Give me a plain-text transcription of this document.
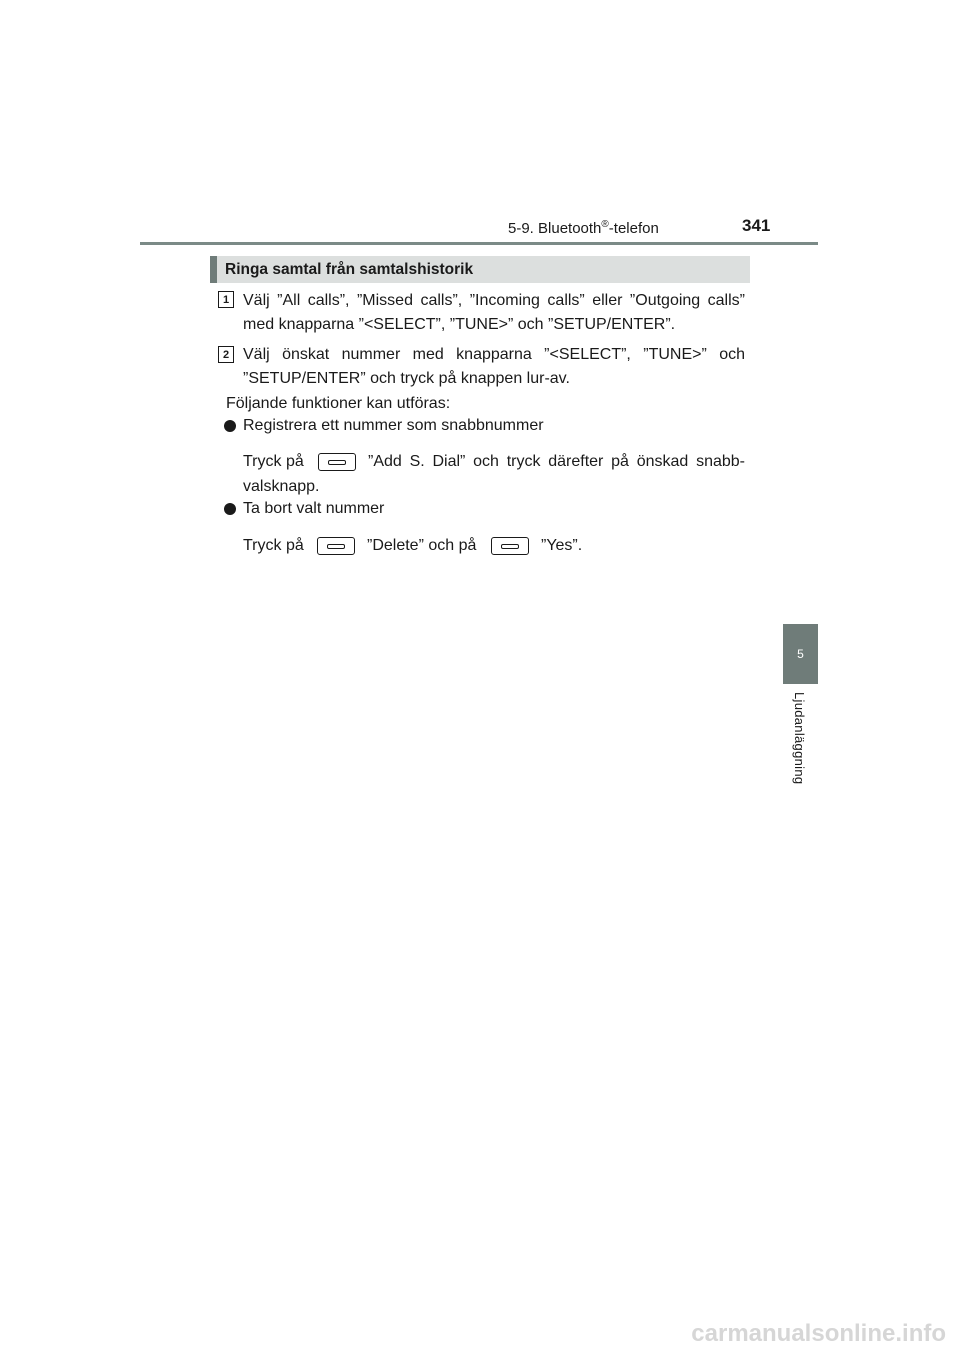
5-9. Bluetooth®-telefon	341
5
Ljudanläggning
Ringa samtal från samtalshistorik
1 Välj ”All calls”, ”Missed calls”, ”Incoming calls” eller ”Outgoing calls”
med knapparna ”<SELECT”, ”TUNE>” och ”SETUP/ENTER”.
2 Välj önskat nummer med knapparna ”<SELECT”, ”TUNE>” och
”SETUP/ENTER” och tryck på knappen lur-av.
Följande funktioner kan utföras:
Registrera ett nummer som snabbnummer
Tryck på	”Add S. Dial” och tryck därefter på önskad snabb-
valsknapp.
Ta bort valt nummer
Tryck på	”Delete” och på	”Yes”.
carmanualsonline.info
